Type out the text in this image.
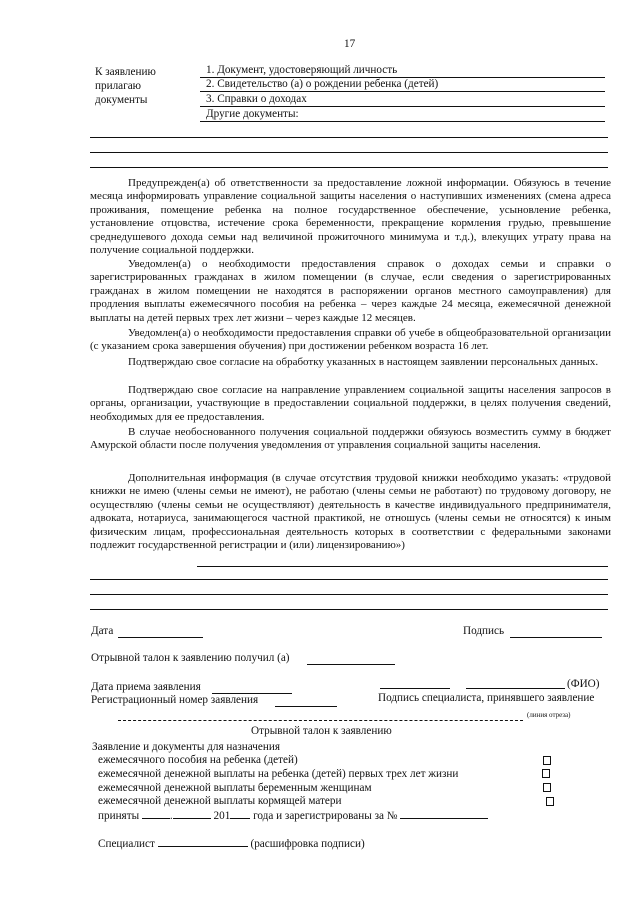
17
К заявлению
прилагаю
документы
1. Документ, удостоверяющий личность
2. Свидетельство (а) о рождении ребенка (детей)
3. Справки о доходах
Другие документы:

Предупрежден(а) об ответственности за предоставление ложной информации. Обязуюсь в течение месяца информировать управление социальной защиты населения о наступивших изменениях (смена адреса проживания, помещение ребенка на полное государственное обеспечение, усыновление ребенка, установление отцовства, истечение срока беременности, прекращение кормления грудью, превышение среднедушевого дохода семьи над величиной прожиточного минимума и т.д.), влекущих утрату права на получение социальной поддержки.

Уведомлен(а) о необходимости предоставления справок о доходах семьи и справки о зарегистрированных гражданах в жилом помещении (в случае, если сведения о зарегистрированных гражданах в жилом помещении не находятся в распоряжении органов местного самоуправления) для продления выплаты ежемесячного пособия на ребенка – через каждые 24 месяца, ежемесячной денежной выплаты на детей первых трех лет жизни – через каждые 12 месяцев.

Уведомлен(а) о необходимости предоставления справки об учебе в общеобразовательной организации (с указанием срока завершения обучения) при достижении ребенком возраста 16 лет.

Подтверждаю свое согласие на обработку указанных в настоящем заявлении персональных данных.

Подтверждаю свое согласие на направление управлением социальной защиты населения запросов в органы, организации, участвующие в предоставлении социальной поддержки, в целях получения сведений, необходимых для ее предоставления.

В случае необоснованного получения социальной поддержки обязуюсь возместить сумму в бюджет Амурской области после получения уведомления от управления социальной защиты населения.

Дополнительная информация (в случае отсутствия трудовой книжки необходимо указать: «трудовой книжки не имею (члены семьи не имеют), не работаю (члены семьи не работают) по трудовому договору, не осуществляю (члены семьи не осуществляют) деятельность в качестве индивидуального предпринимателя, адвоката, нотариуса, занимающегося частной практикой, не отношусь (члены семьи не относятся) к иным физическим лицам, профессиональная деятельность которых в соответствии с федеральными законами подлежит государственной регистрации и (или) лицензированию»)

Дата	Подпись
Отрывной талон к заявлению получил (а)
Дата приема заявления	(ФИО)
Регистрационный номер заявления	Подпись специалиста, принявшего заявление
(линия отреза)
Отрывной талон к заявлению
Заявление и документы для назначения
ежемесячного пособия на ребенка (детей)
ежемесячной денежной выплаты на ребенка (детей) первых трех лет жизни
ежемесячной денежной выплаты беременным женщинам
ежемесячной денежной выплаты кормящей матери
приняты	.	201 года и зарегистрированы за №
Специалист	(расшифровка подписи)
